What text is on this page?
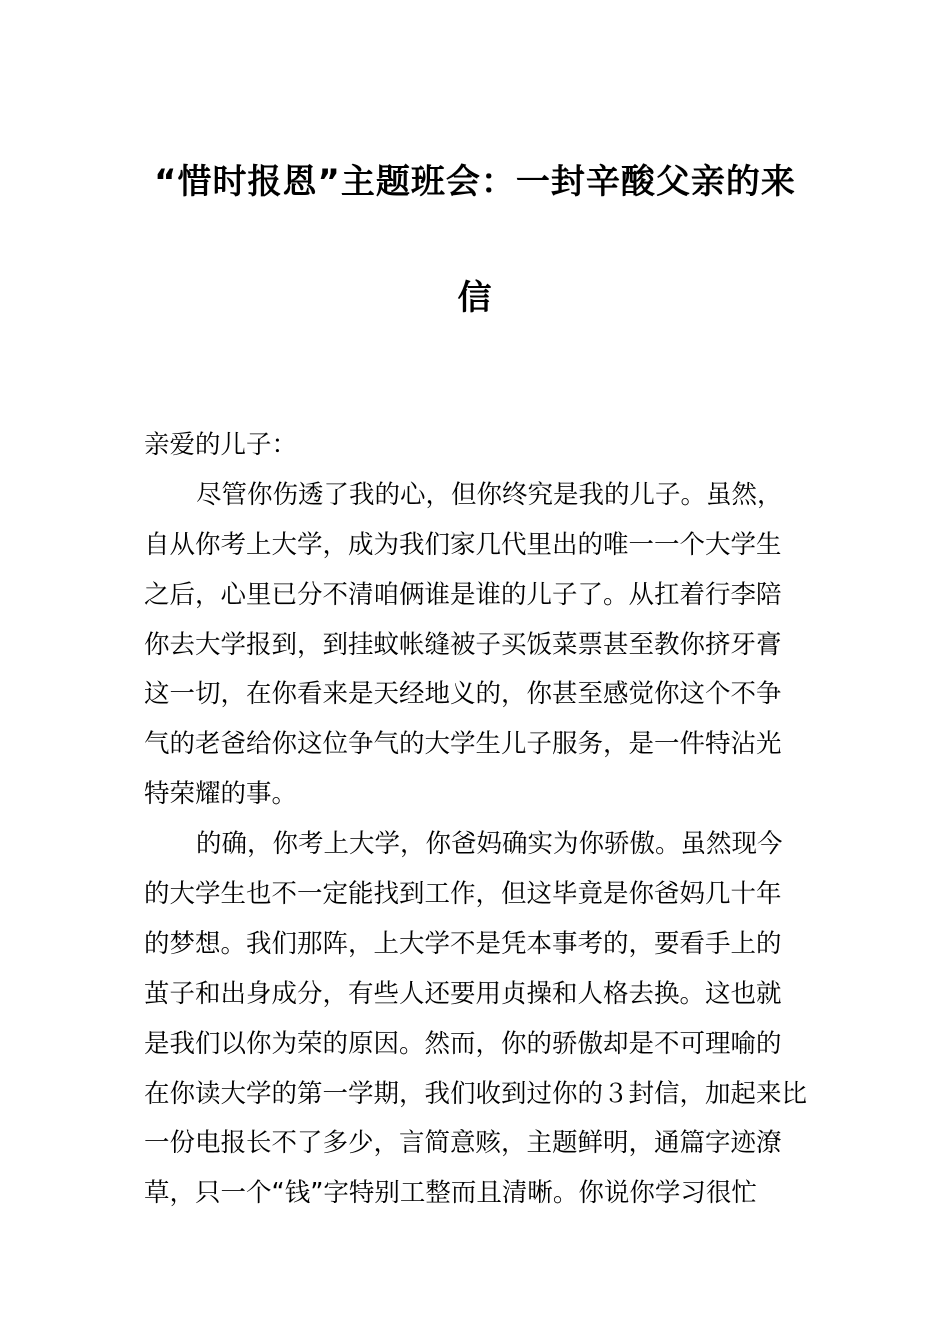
“惜时报恩”主题班会：一封辛酸父亲的来
信

亲爱的儿子：

尽管你伤透了我的心，但你终究是我的儿子。虽然，
自从你考上大学，成为我们家几代里出的唯一一个大学生
之后，心里已分不清咱俩谁是谁的儿子了。从扛着行李陪
你去大学报到，到挂蚊帐缝被子买饭菜票甚至教你挤牙膏
这一切，在你看来是天经地义的，你甚至感觉你这个不争
气的老爸给你这位争气的大学生儿子服务，是一件特沾光
特荣耀的事。

的确，你考上大学，你爸妈确实为你骄傲。虽然现今
的大学生也不一定能找到工作，但这毕竟是你爸妈几十年
的梦想。我们那阵，上大学不是凭本事考的，要看手上的
茧子和出身成分，有些人还要用贞操和人格去换。这也就
是我们以你为荣的原因。然而，你的骄傲却是不可理喻的
在你读大学的第一学期，我们收到过你的３封信，加起来比
一份电报长不了多少，言简意赅，主题鲜明，通篇字迹潦
草，只一个“钱”字特别工整而且清晰。你说你学习很忙
